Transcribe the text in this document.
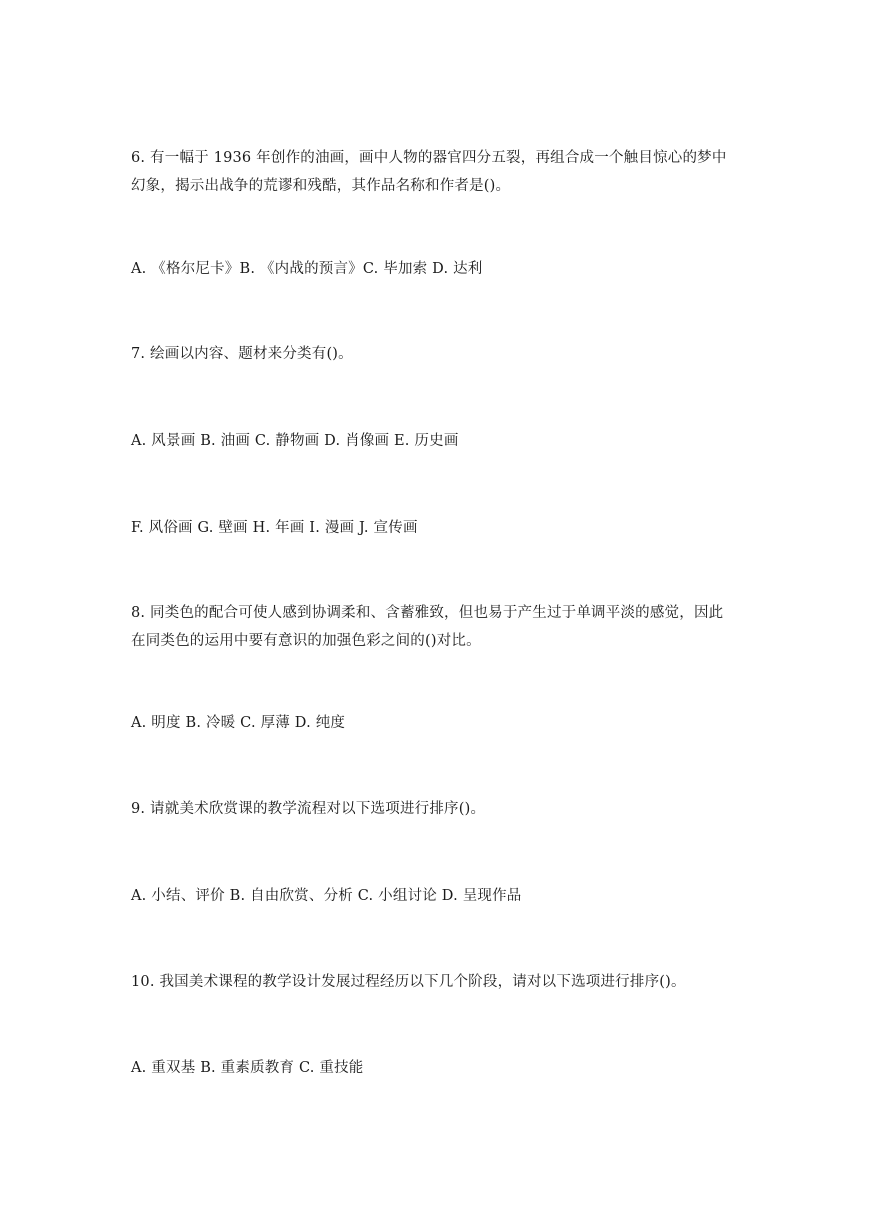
6. 有一幅于 1936 年创作的油画，画中人物的器官四分五裂，再组合成一个触目惊心的梦中
幻象，揭示出战争的荒谬和残酷，其作品名称和作者是()。
A. 《格尔尼卡》B. 《内战的预言》C. 毕加索 D. 达利
7. 绘画以内容、题材来分类有()。
A. 风景画 B. 油画 C. 静物画 D. 肖像画 E. 历史画
F. 风俗画 G. 壁画 H. 年画 I. 漫画 J. 宣传画
8. 同类色的配合可使人感到协调柔和、含蓄雅致，但也易于产生过于单调平淡的感觉，因此
在同类色的运用中要有意识的加强色彩之间的()对比。
A. 明度 B. 冷暖 C. 厚薄 D. 纯度
9. 请就美术欣赏课的教学流程对以下选项进行排序()。
A. 小结、评价 B. 自由欣赏、分析 C. 小组讨论 D. 呈现作品
10. 我国美术课程的教学设计发展过程经历以下几个阶段，请对以下选项进行排序()。
A. 重双基 B. 重素质教育 C. 重技能
